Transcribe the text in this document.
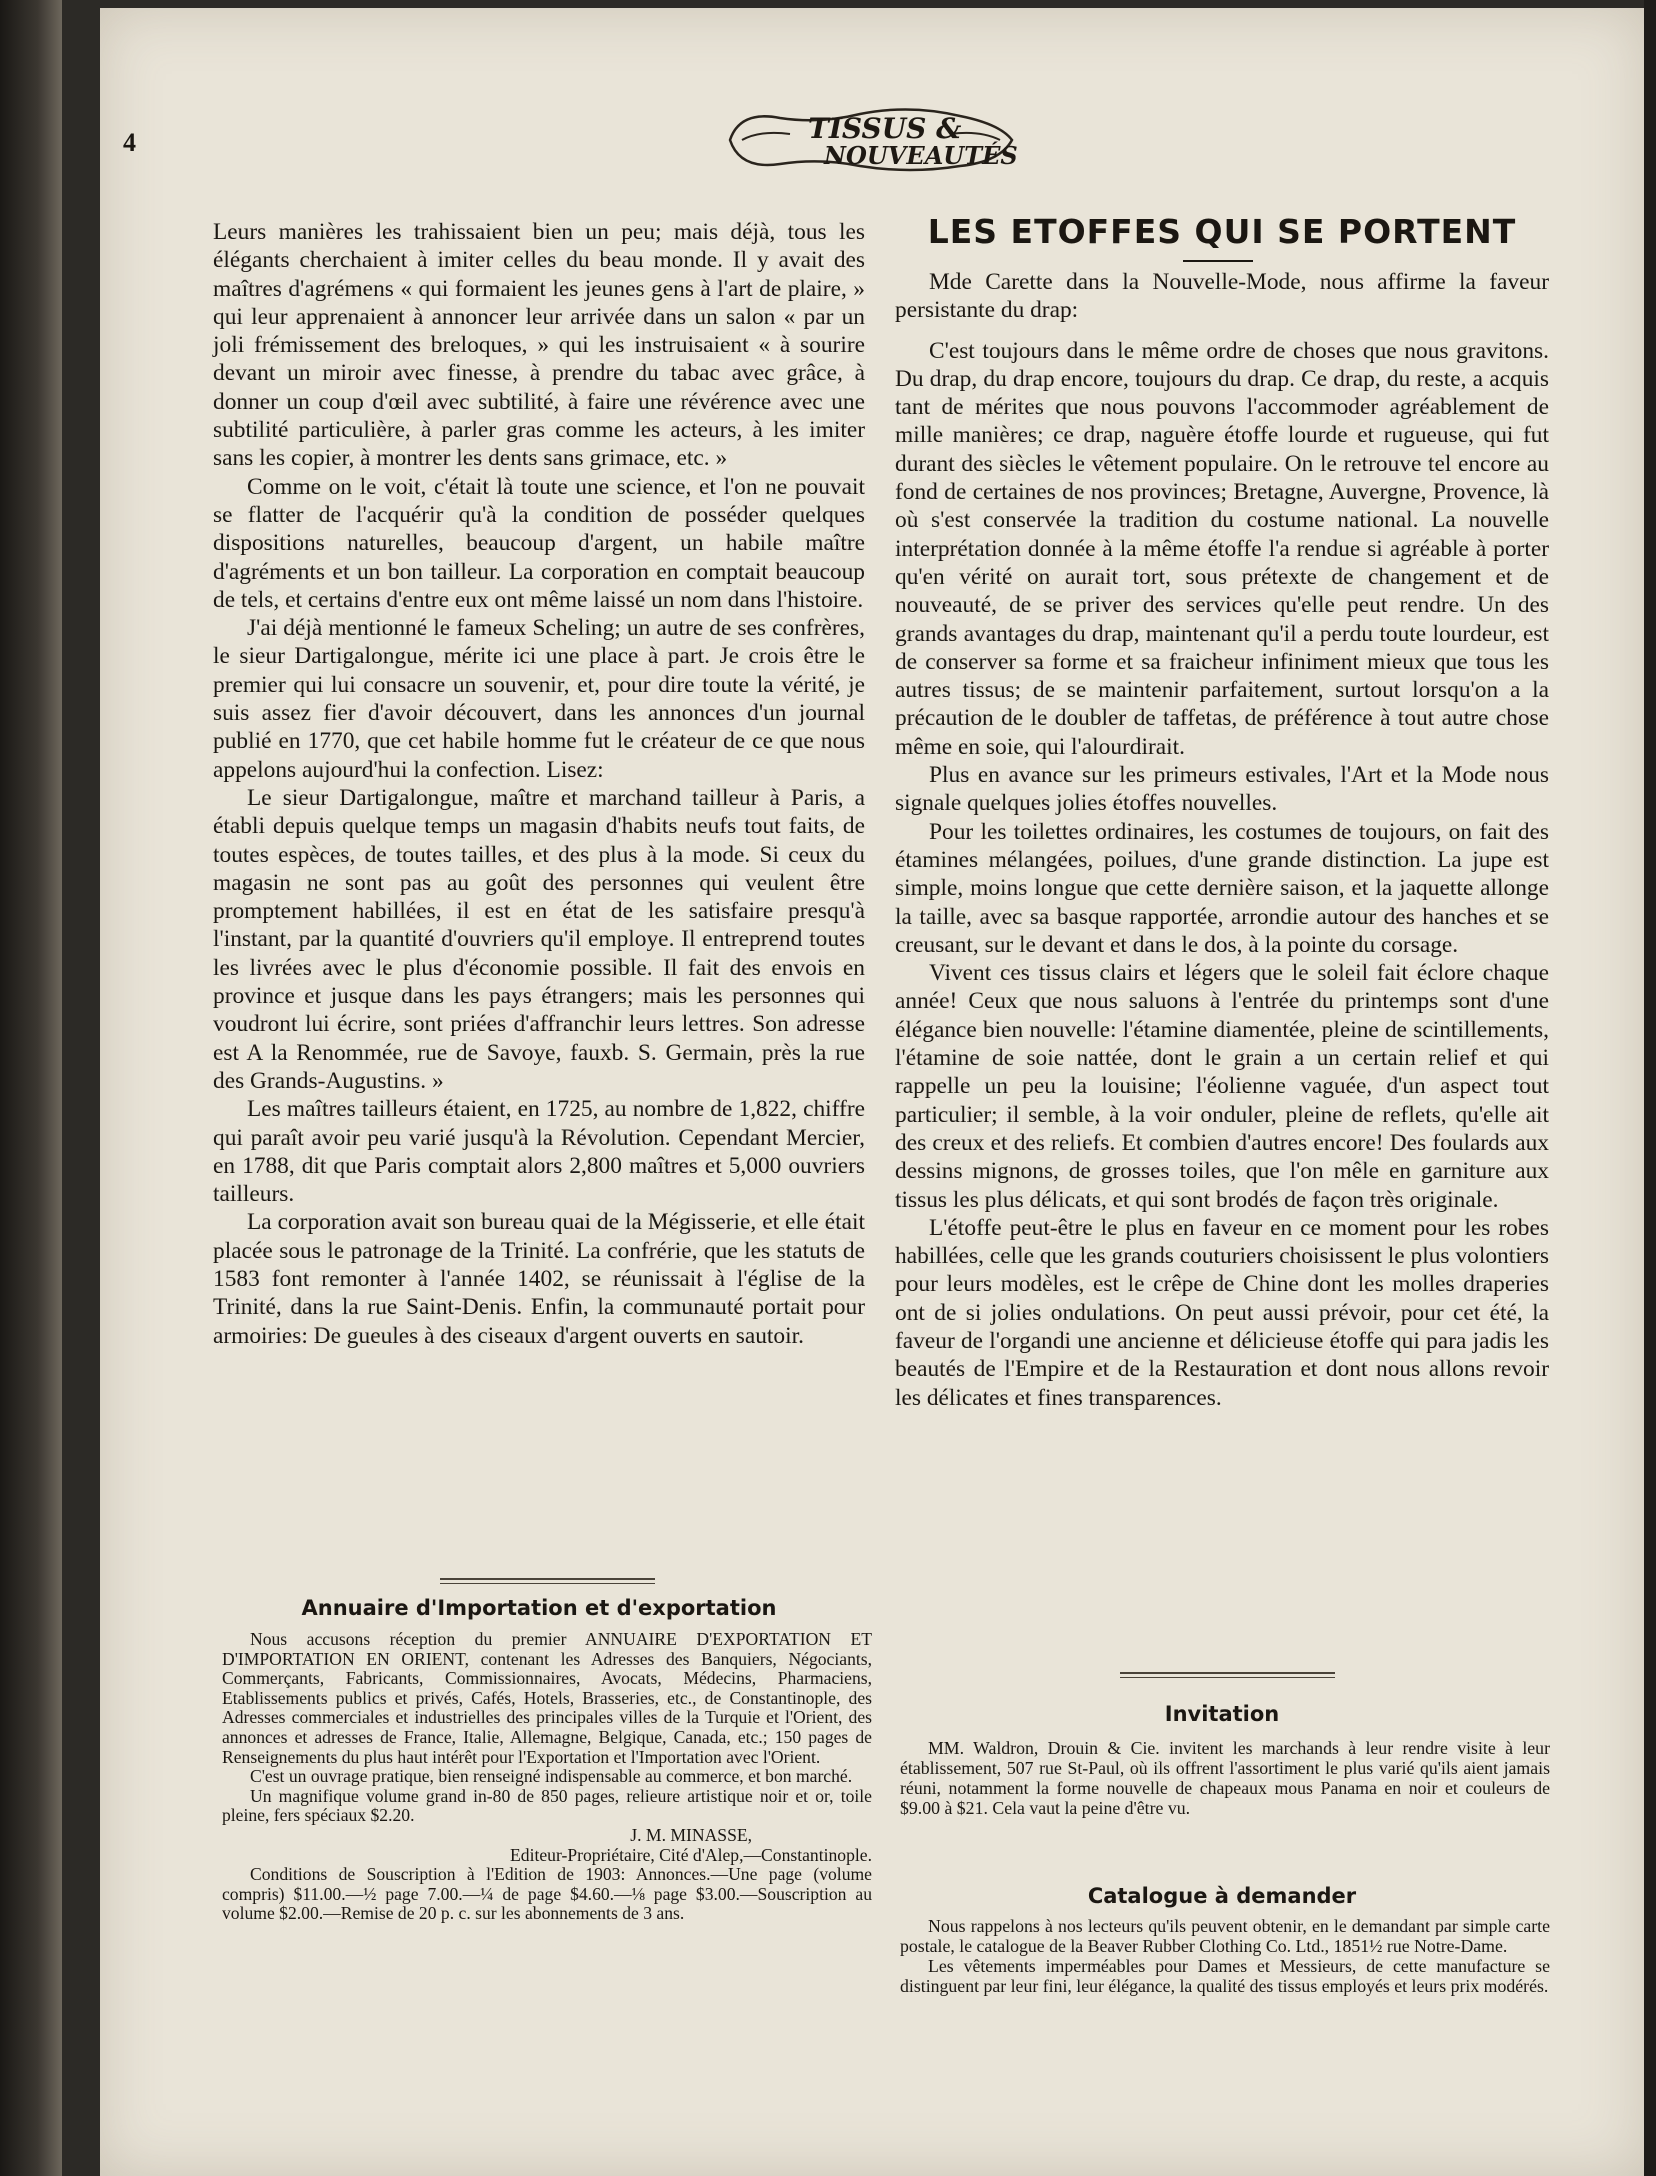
4	TISSUS &
NOUVEAUTÉS

Leurs manières les trahissaient bien un peu; mais déjà, tous les élégants cherchaient à imiter celles du beau monde. Il y avait des maîtres d'agrémens « qui formaient les jeunes gens à l'art de plaire, » qui leur apprenaient à annoncer leur arrivée dans un salon « par un joli frémissement des breloques, » qui les instruisaient « à sourire devant un miroir avec finesse, à prendre du tabac avec grâce, à donner un coup d'œil avec subtilité, à faire une révérence avec une subtilité particulière, à parler gras comme les acteurs, à les imiter sans les copier, à montrer les dents sans grimace, etc. »

Comme on le voit, c'était là toute une science, et l'on ne pouvait se flatter de l'acquérir qu'à la condition de posséder quelques dispositions naturelles, beaucoup d'argent, un habile maître d'agréments et un bon tailleur. La corporation en comptait beaucoup de tels, et certains d'entre eux ont même laissé un nom dans l'histoire.

J'ai déjà mentionné le fameux Scheling; un autre de ses confrères, le sieur Dartigalongue, mérite ici une place à part. Je crois être le premier qui lui consacre un souvenir, et, pour dire toute la vérité, je suis assez fier d'avoir découvert, dans les annonces d'un journal publié en 1770, que cet habile homme fut le créateur de ce que nous appelons aujourd'hui la confection. Lisez:

Le sieur Dartigalongue, maître et marchand tailleur à Paris, a établi depuis quelque temps un magasin d'habits neufs tout faits, de toutes espèces, de toutes tailles, et des plus à la mode. Si ceux du magasin ne sont pas au goût des personnes qui veulent être promptement habillées, il est en état de les satisfaire presqu'à l'instant, par la quantité d'ouvriers qu'il employe. Il entreprend toutes les livrées avec le plus d'économie possible. Il fait des envois en province et jusque dans les pays étrangers; mais les personnes qui voudront lui écrire, sont priées d'affranchir leurs lettres. Son adresse est A la Renommée, rue de Savoye, fauxb. S. Germain, près la rue des Grands-Augustins. »

Les maîtres tailleurs étaient, en 1725, au nombre de 1,822, chiffre qui paraît avoir peu varié jusqu'à la Révolution. Cependant Mercier, en 1788, dit que Paris comptait alors 2,800 maîtres et 5,000 ouvriers tailleurs.

La corporation avait son bureau quai de la Mégisserie, et elle était placée sous le patronage de la Trinité. La confrérie, que les statuts de 1583 font remonter à l'année 1402, se réunissait à l'église de la Trinité, dans la rue Saint-Denis. Enfin, la communauté portait pour armoiries: De gueules à des ciseaux d'argent ouverts en sautoir.

Annuaire d'Importation et d'exportation

Nous accusons réception du premier ANNUAIRE D'EXPORTATION ET D'IMPORTATION EN ORIENT, contenant les Adresses des Banquiers, Négociants, Commerçants, Fabricants, Commissionnaires, Avocats, Médecins, Pharmaciens, Etablissements publics et privés, Cafés, Hotels, Brasseries, etc., de Constantinople, des Adresses commerciales et industrielles des principales villes de la Turquie et l'Orient, des annonces et adresses de France, Italie, Allemagne, Belgique, Canada, etc.; 150 pages de Renseignements du plus haut intérêt pour l'Exportation et l'Importation avec l'Orient.

C'est un ouvrage pratique, bien renseigné indispensable au commerce, et bon marché.

Un magnifique volume grand in-80 de 850 pages, relieure artistique noir et or, toile pleine, fers spéciaux $2.20.

J. M. MINASSE,

Editeur-Propriétaire, Cité d'Alep,—Constantinople.

Conditions de Souscription à l'Edition de 1903: Annonces.—Une page (volume compris) $11.00.—½ page 7.00.—¼ de page $4.60.—⅛ page $3.00.—Souscription au volume $2.00.—Remise de 20 p. c. sur les abonnements de 3 ans.

LES ETOFFES QUI SE PORTENT

Mde Carette dans la Nouvelle-Mode, nous affirme la faveur persistante du drap:

C'est toujours dans le même ordre de choses que nous gravitons. Du drap, du drap encore, toujours du drap. Ce drap, du reste, a acquis tant de mérites que nous pouvons l'accommoder agréablement de mille manières; ce drap, naguère étoffe lourde et rugueuse, qui fut durant des siècles le vêtement populaire. On le retrouve tel encore au fond de certaines de nos provinces; Bretagne, Auvergne, Provence, là où s'est conservée la tradition du costume national. La nouvelle interprétation donnée à la même étoffe l'a rendue si agréable à porter qu'en vérité on aurait tort, sous prétexte de changement et de nouveauté, de se priver des services qu'elle peut rendre. Un des grands avantages du drap, maintenant qu'il a perdu toute lourdeur, est de conserver sa forme et sa fraicheur infiniment mieux que tous les autres tissus; de se maintenir parfaitement, surtout lorsqu'on a la précaution de le doubler de taffetas, de préférence à tout autre chose même en soie, qui l'alourdirait.

Plus en avance sur les primeurs estivales, l'Art et la Mode nous signale quelques jolies étoffes nouvelles.

Pour les toilettes ordinaires, les costumes de toujours, on fait des étamines mélangées, poilues, d'une grande distinction. La jupe est simple, moins longue que cette dernière saison, et la jaquette allonge la taille, avec sa basque rapportée, arrondie autour des hanches et se creusant, sur le devant et dans le dos, à la pointe du corsage.

Vivent ces tissus clairs et légers que le soleil fait éclore chaque année! Ceux que nous saluons à l'entrée du printemps sont d'une élégance bien nouvelle: l'étamine diamentée, pleine de scintillements, l'étamine de soie nattée, dont le grain a un certain relief et qui rappelle un peu la louisine; l'éolienne vaguée, d'un aspect tout particulier; il semble, à la voir onduler, pleine de reflets, qu'elle ait des creux et des reliefs. Et combien d'autres encore! Des foulards aux dessins mignons, de grosses toiles, que l'on mêle en garniture aux tissus les plus délicats, et qui sont brodés de façon très originale.

L'étoffe peut-être le plus en faveur en ce moment pour les robes habillées, celle que les grands couturiers choisissent le plus volontiers pour leurs modèles, est le crêpe de Chine dont les molles draperies ont de si jolies ondulations. On peut aussi prévoir, pour cet été, la faveur de l'organdi une ancienne et délicieuse étoffe qui para jadis les beautés de l'Empire et de la Restauration et dont nous allons revoir les délicates et fines transparences.

Invitation

MM. Waldron, Drouin & Cie. invitent les marchands à leur rendre visite à leur établissement, 507 rue St-Paul, où ils offrent l'assortiment le plus varié qu'ils aient jamais réuni, notamment la forme nouvelle de chapeaux mous Panama en noir et couleurs de $9.00 à $21. Cela vaut la peine d'être vu.

Catalogue à demander

Nous rappelons à nos lecteurs qu'ils peuvent obtenir, en le demandant par simple carte postale, le catalogue de la Beaver Rubber Clothing Co. Ltd., 1851½ rue Notre-Dame.

Les vêtements imperméables pour Dames et Messieurs, de cette manufacture se distinguent par leur fini, leur élégance, la qualité des tissus employés et leurs prix modérés.
